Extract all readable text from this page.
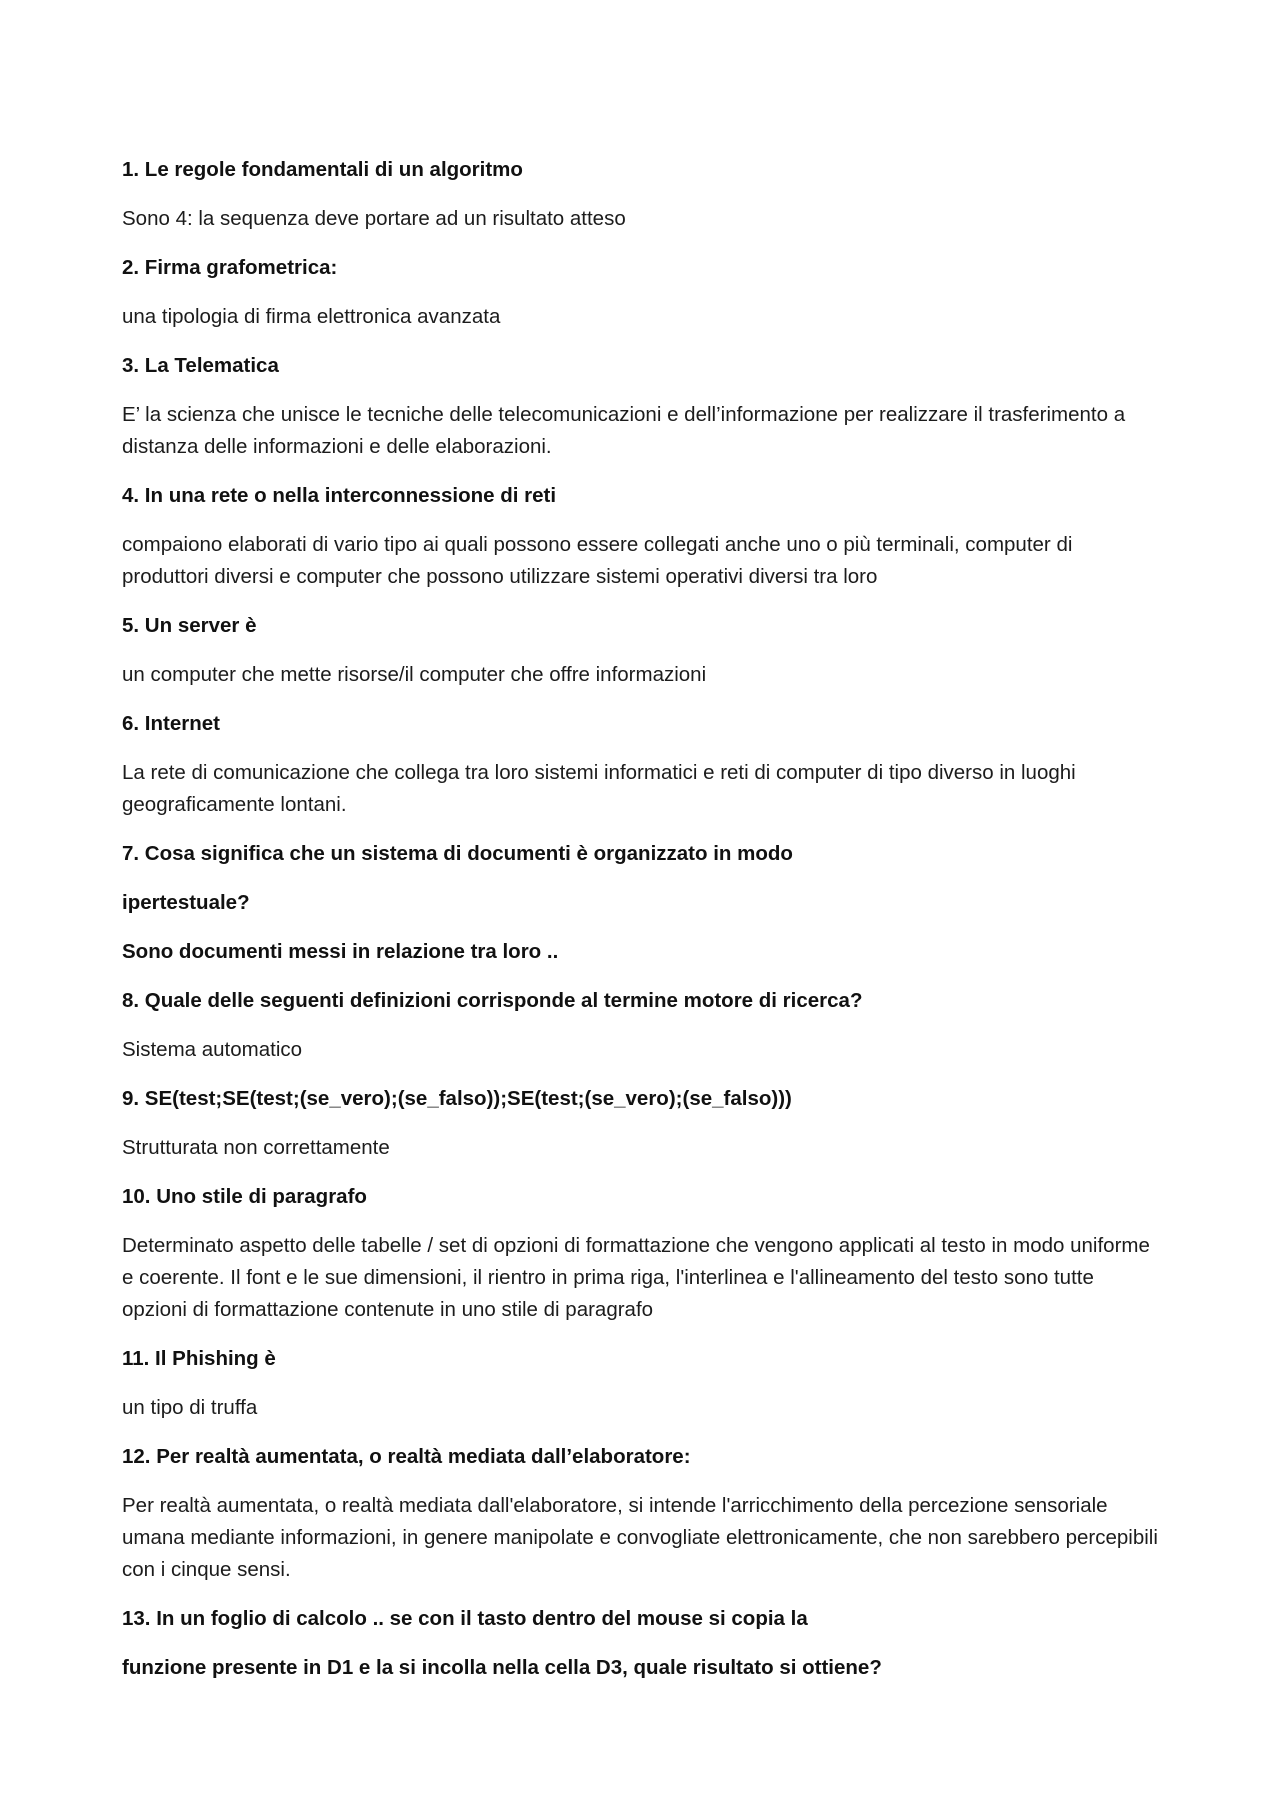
1. Le regole fondamentali di un algoritmo

Sono 4: la sequenza deve portare ad un risultato atteso

2. Firma grafometrica:

una tipologia di firma elettronica avanzata

3. La Telematica

E’ la scienza che unisce le tecniche delle telecomunicazioni e dell’informazione per realizzare il trasferimento a distanza delle informazioni e delle elaborazioni.

4. In una rete o nella interconnessione di reti

compaiono elaborati di vario tipo ai quali possono essere collegati anche uno o più terminali, computer di produttori diversi e computer che possono utilizzare sistemi operativi diversi tra loro

5. Un server è

un computer che mette risorse/il computer che offre informazioni

6. Internet

La rete di comunicazione che collega tra loro sistemi informatici e reti di computer di tipo diverso in luoghi geograficamente lontani.

7. Cosa significa che un sistema di documenti è organizzato in modo

ipertestuale?

Sono documenti messi in relazione tra loro ..

8. Quale delle seguenti definizioni corrisponde al termine motore di ricerca?

Sistema automatico

9. SE(test;SE(test;(se_vero);(se_falso));SE(test;(se_vero);(se_falso)))

Strutturata non correttamente

10. Uno stile di paragrafo

Determinato aspetto delle tabelle / set di opzioni di formattazione che vengono applicati al testo in modo uniforme e coerente. Il font e le sue dimensioni, il rientro in prima riga, l'interlinea e l'allineamento del testo sono tutte opzioni di formattazione contenute in uno stile di paragrafo

11. Il Phishing è

un tipo di truffa

12. Per realtà aumentata, o realtà mediata dall’elaboratore:

Per realtà aumentata, o realtà mediata dall'elaboratore, si intende l'arricchimento della percezione sensoriale umana mediante informazioni, in genere manipolate e convogliate elettronicamente, che non sarebbero percepibili con i cinque sensi.

13. In un foglio di calcolo .. se con il tasto dentro del mouse si copia la

funzione presente in D1 e la si incolla nella cella D3, quale risultato si ottiene?
